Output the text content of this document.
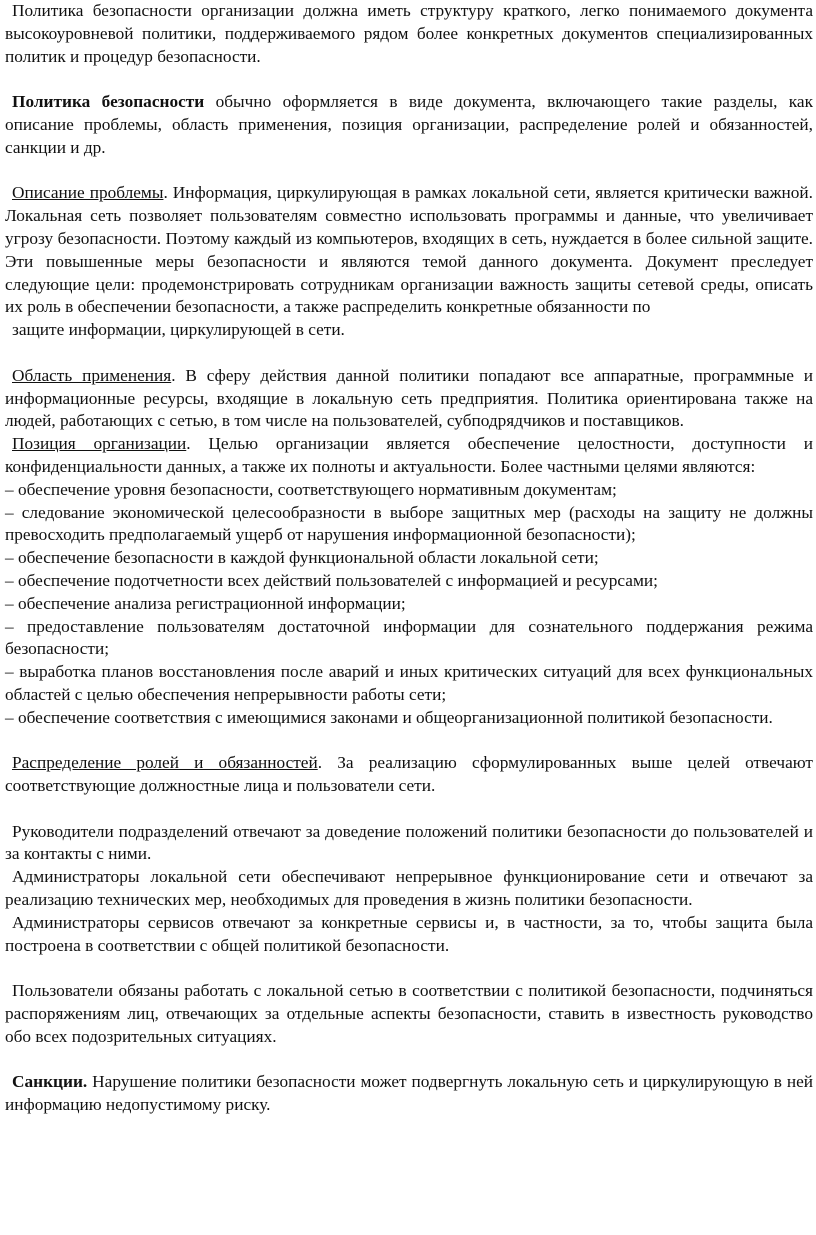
Политика безопасности организации должна иметь структуру краткого, легко понимаемого документа высокоуровневой политики, поддерживаемого рядом более конкретных документов специализированных политик и процедур безопасности.

Политика безопасности обычно оформляется в виде документа, включающего такие разделы, как описание проблемы, область применения, позиция организации, распределение ролей и обязанностей, санкции и др.

Описание проблемы. Информация, циркулирующая в рамках локальной сети, является критически важной. Локальная сеть позволяет пользователям совместно использовать программы и данные, что увеличивает угрозу безопасности. Поэтому каждый из компьютеров, входящих в сеть, нуждается в более сильной защите. Эти повышенные меры безопасности и являются темой данного документа. Документ преследует следующие цели: продемонстрировать сотрудникам организации важность защиты сетевой среды, описать их роль в обеспечении безопасности, а также распределить конкретные обязанности по

защите информации, циркулирующей в сети.

Область применения. В сферу действия данной политики попадают все аппаратные, программные и информационные ресурсы, входящие в локальную сеть предприятия. Политика ориентирована также на людей, работающих с сетью, в том числе на пользователей, субподрядчиков и поставщиков.

Позиция организации. Целью организации является обеспечение целостности, доступности и конфиденциальности данных, а также их полноты и актуальности. Более частными целями являются:

– обеспечение уровня безопасности, соответствующего нормативным документам;

– следование экономической целесообразности в выборе защитных мер (расходы на защиту не должны превосходить предполагаемый ущерб от нарушения информационной безопасности);

– обеспечение безопасности в каждой функциональной области локальной сети;

– обеспечение подотчетности всех действий пользователей с информацией и ресурсами;

– обеспечение анализа регистрационной информации;

– предоставление пользователям достаточной информации для сознательного поддержания режима безопасности;

– выработка планов восстановления после аварий и иных критических ситуаций для всех функциональных областей с целью обеспечения непрерывности работы сети;

– обеспечение соответствия с имеющимися законами и общеорганизационной политикой безопасности.

Распределение ролей и обязанностей. За реализацию сформулированных выше целей отвечают соответствующие должностные лица и пользователи сети.

Руководители подразделений отвечают за доведение положений политики безопасности до пользователей и за контакты с ними.

Администраторы локальной сети обеспечивают непрерывное функционирование сети и отвечают за реализацию технических мер, необходимых для проведения в жизнь политики безопасности.

Администраторы сервисов отвечают за конкретные сервисы и, в частности, за то, чтобы защита была построена в соответствии с общей политикой безопасности.

Пользователи обязаны работать с локальной сетью в соответствии с политикой безопасности, подчиняться распоряжениям лиц, отвечающих за отдельные аспекты безопасности, ставить в известность руководство обо всех подозрительных ситуациях.

Санкции. Нарушение политики безопасности может подвергнуть локальную сеть и циркулирующую в ней информацию недопустимому риску.
